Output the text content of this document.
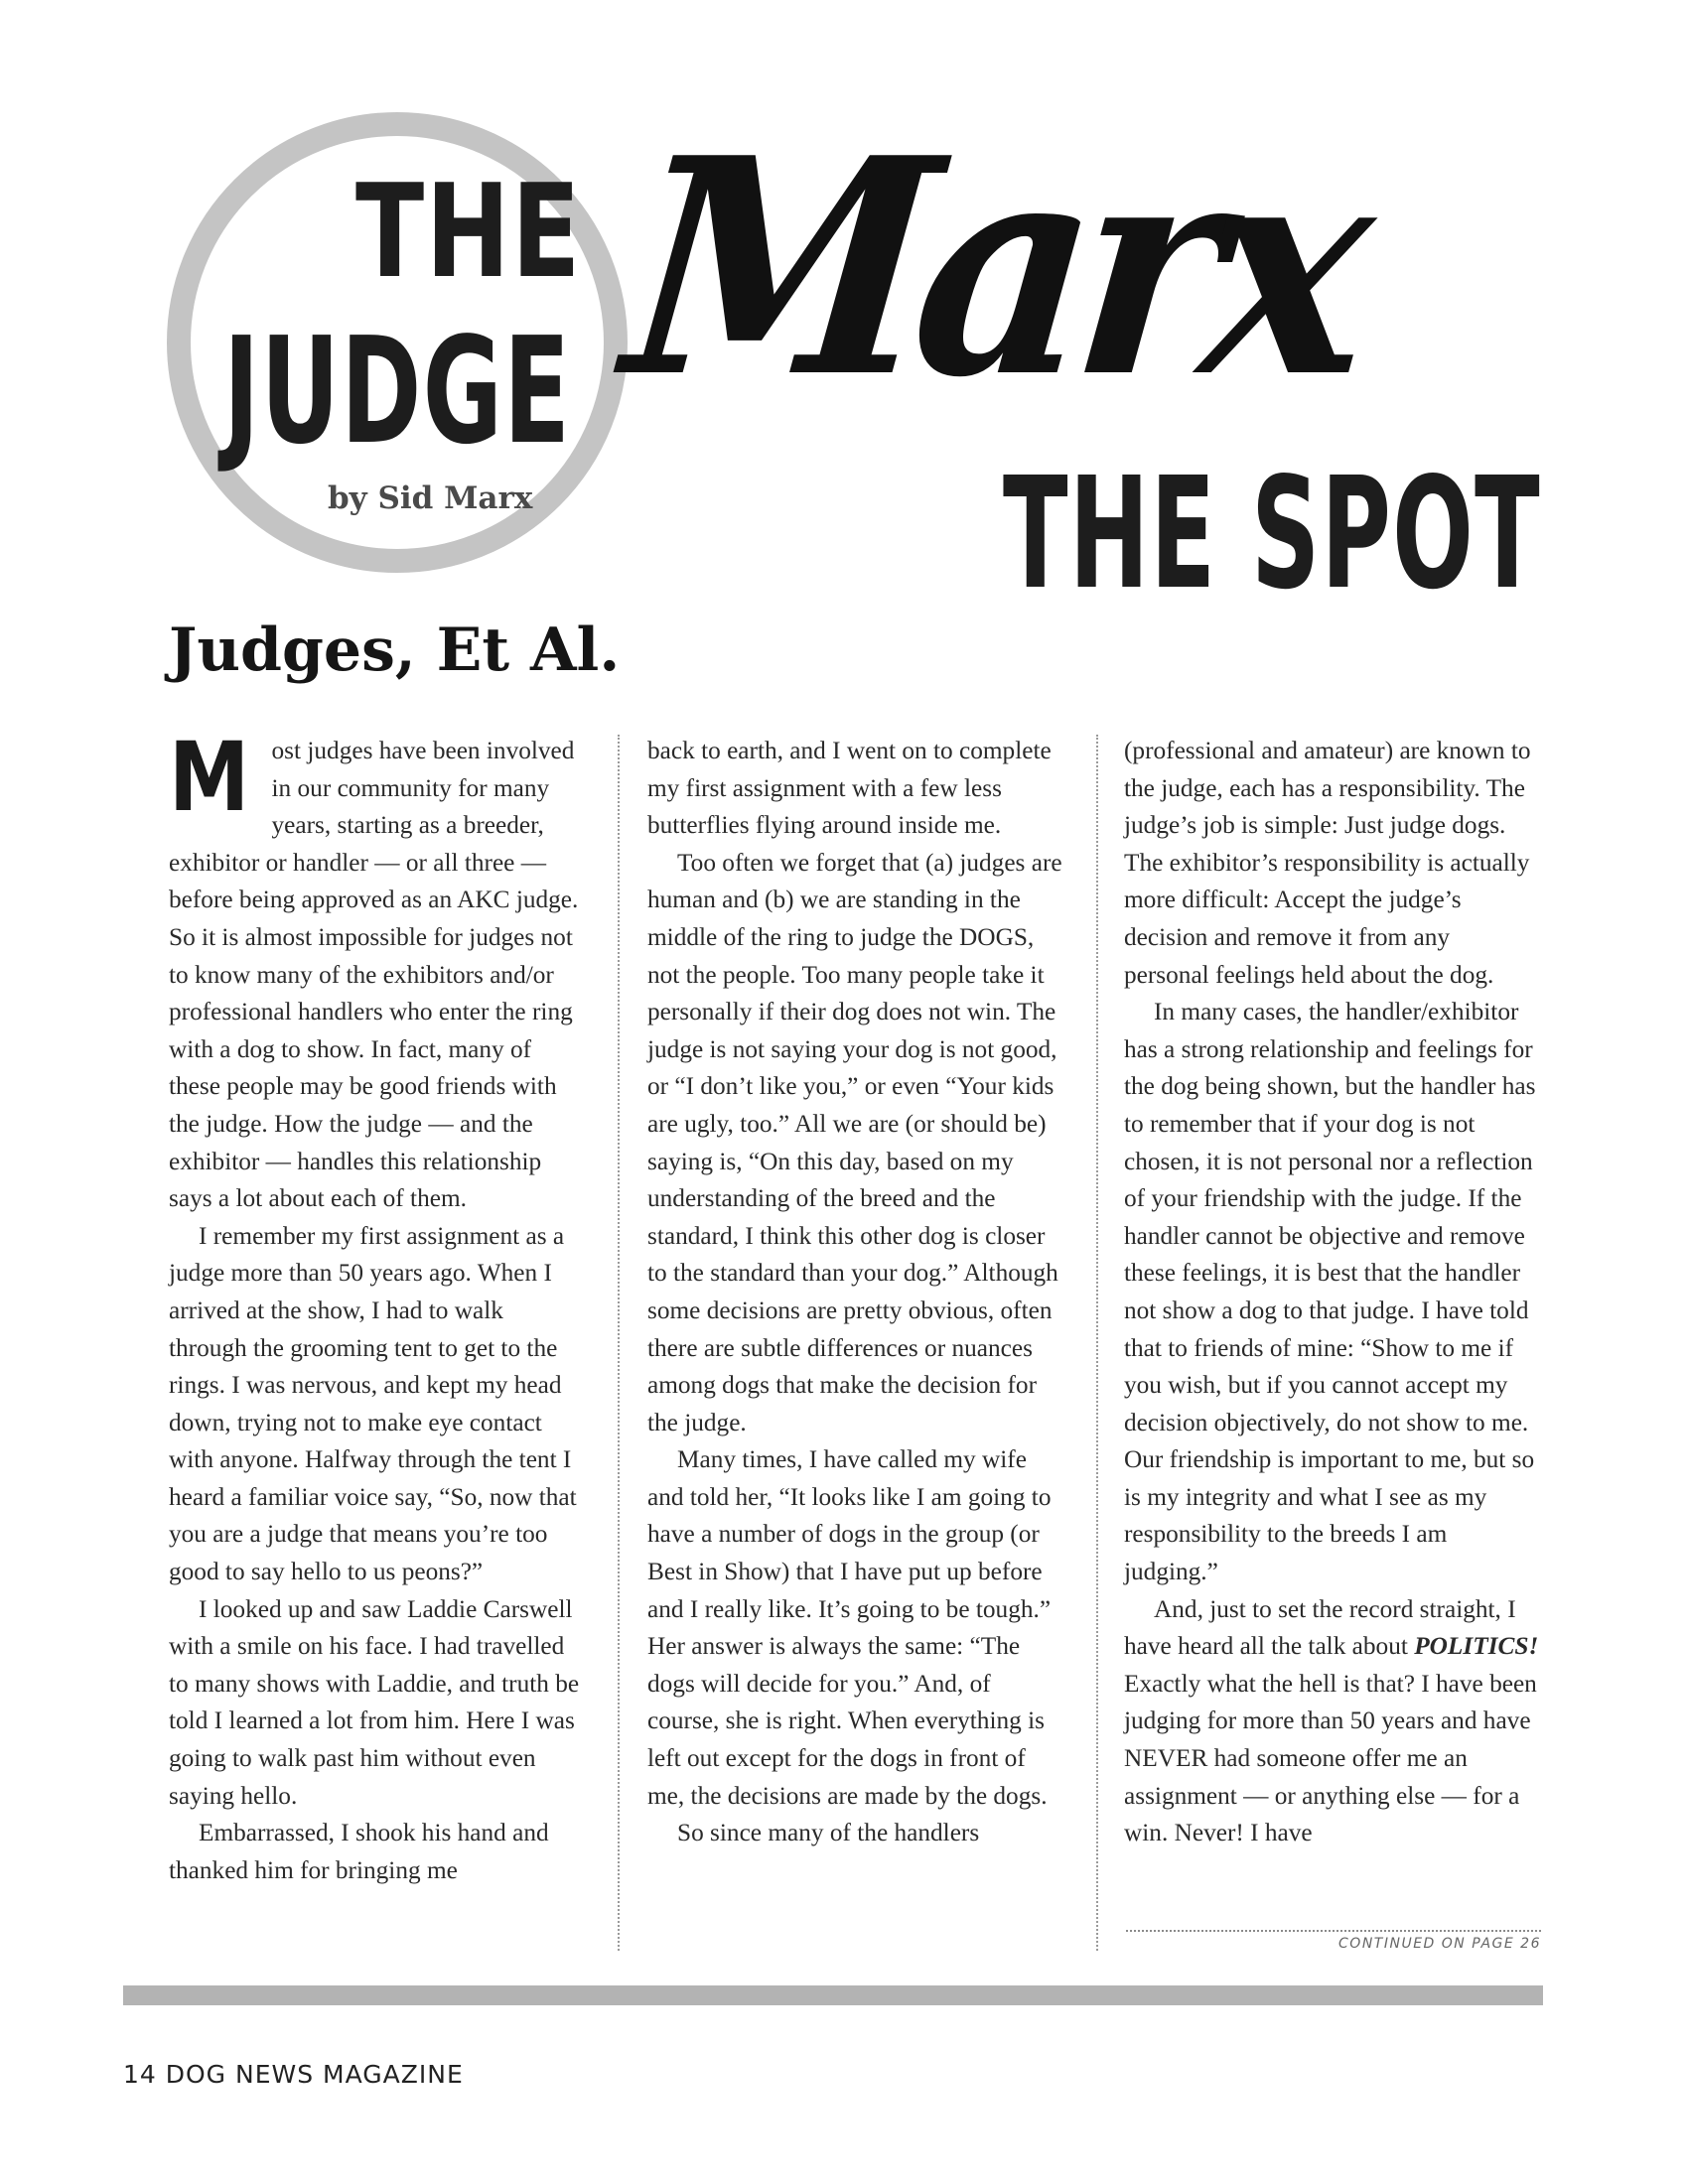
THE
JUDGE
by Sid Marx
Marx
THE SPOT
Judges, Et Al.

Most judges have been involved in our community for many years, starting as a breeder, exhibitor or handler — or all three — before being approved as an AKC judge. So it is almost impossible for judges not to know many of the exhibitors and/or professional handlers who enter the ring with a dog to show. In fact, many of these people may be good friends with the judge. How the judge — and the exhibitor — handles this relationship says a lot about each of them.

I remember my first assignment as a judge more than 50 years ago. When I arrived at the show, I had to walk through the grooming tent to get to the rings. I was nervous, and kept my head down, trying not to make eye contact with anyone. Halfway through the tent I heard a familiar voice say, “So, now that you are a judge that means you’re too good to say hello to us peons?”

I looked up and saw Laddie Carswell with a smile on his face. I had travelled to many shows with Laddie, and truth be told I learned a lot from him. Here I was going to walk past him without even saying hello.

Embarrassed, I shook his hand and thanked him for bringing me

back to earth, and I went on to complete my first assignment with a few less butterflies flying around inside me.

Too often we forget that (a) judges are human and (b) we are standing in the middle of the ring to judge the DOGS, not the people. Too many people take it personally if their dog does not win. The judge is not saying your dog is not good, or “I don’t like you,” or even “Your kids are ugly, too.” All we are (or should be) saying is, “On this day, based on my understanding of the breed and the standard, I think this other dog is closer to the standard than your dog.” Although some decisions are pretty obvious, often there are subtle differences or nuances among dogs that make the decision for the judge.

Many times, I have called my wife and told her, “It looks like I am going to have a number of dogs in the group (or Best in Show) that I have put up before and I really like. It’s going to be tough.” Her answer is always the same: “The dogs will decide for you.” And, of course, she is right. When everything is left out except for the dogs in front of me, the decisions are made by the dogs.

So since many of the handlers

(professional and amateur) are known to the judge, each has a responsibility. The judge’s job is simple: Just judge dogs. The exhibitor’s responsibility is actually more difficult: Accept the judge’s decision and remove it from any personal feelings held about the dog.

In many cases, the handler/exhibitor has a strong relationship and feelings for the dog being shown, but the handler has to remember that if your dog is not chosen, it is not personal nor a reflection of your friendship with the judge. If the handler cannot be objective and remove these feelings, it is best that the handler not show a dog to that judge. I have told that to friends of mine: “Show to me if you wish, but if you cannot accept my decision objectively, do not show to me. Our friendship is important to me, but so is my integrity and what I see as my responsibility to the breeds I am judging.”

And, just to set the record straight, I have heard all the talk about POLITICS! Exactly what the hell is that? I have been judging for more than 50 years and have NEVER had someone offer me an assignment — or anything else — for a win. Never! I have

CONTINUED ON PAGE 26
14 DOG NEWS MAGAZINE
